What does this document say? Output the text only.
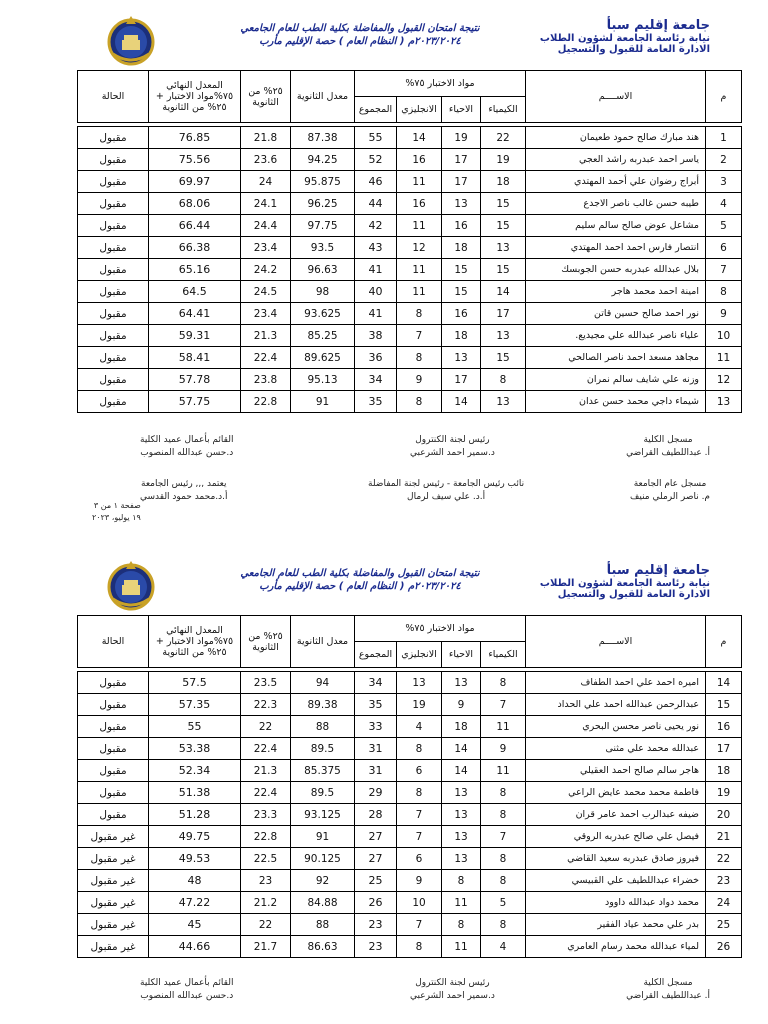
جامعة إقليم سبأ
نيابة رئاسة الجامعة لشؤون الطلاب
الادارة العامة للقبول والتسجيل
نتيجة امتحان القبول والمفاضلة بكلية الطب للعام الجامعي
٢٠٢٣/٢٠٢٤م ( النظام العام ) حصة الإقليم مأرب
م	الاســــم	مواد الاختبار ٧٥%				معدل الثانوية	٢٥% من الثانوية	المعدل النهائي ٧٥%مواد الاختبار + ٢٥% من الثانوية	الحالة
		الكيمياء	الاحياء	الانجليزي	المجموع				

1	هند مبارك صالح حمود طعيمان	22	19	14	55	87.38	21.8	76.85	مقبول
2	ياسر احمد عبدربه راشد العجي	19	17	16	52	94.25	23.6	75.56	مقبول
3	أبراج رضوان علي أحمد المهتدي	18	17	11	46	95.875	24	69.97	مقبول
4	طيبه حسن غالب ناصر الاجدع	15	13	16	44	96.25	24.1	68.06	مقبول
5	مشاعل عوض صالح سالم سليم	15	16	11	42	97.75	24.4	66.44	مقبول
6	انتصار فارس احمد احمد المهتدي	13	18	12	43	93.5	23.4	66.38	مقبول
7	بلال عبدالله عبدربه حسن الجوبسك	15	15	11	41	96.63	24.2	65.16	مقبول
8	امينة احمد محمد هاجر	14	15	11	40	98	24.5	64.5	مقبول
9	نور احمد صالح حسين قاتن	17	16	8	41	93.625	23.4	64.41	مقبول
10	علياء ناصر عبدالله علي مجيديع.	13	18	7	38	85.25	21.3	59.31	مقبول
11	مجاهد مسعد احمد ناصر الصالحي	15	13	8	36	89.625	22.4	58.41	مقبول
12	وزنه علي شايف سالم نمران	8	17	9	34	95.13	23.8	57.78	مقبول
13	شيماء داجي محمد حسن عدان	13	14	8	35	91	22.8	57.75	مقبول
مسجل الكلية
أ. عبداللطيف القراضي
رئيس لجنة الكنترول
د.سمير احمد الشرعبي
القائم بأعمال عميد الكلية
د.حسن عبدالله المنصوب
مسجل عام الجامعة
م. ناصر الرملي منيف
نائب رئيس الجامعة - رئيس لجنة المفاضلة
أ.د. علي سيف لرمال
يعتمد ,,, رئيس الجامعة
أ.د.محمد حمود القدسي
صفحة ١ من ٣
١٩ يوليو، ٢٠٢٣
جامعة إقليم سبأ
نيابة رئاسة الجامعة لشؤون الطلاب
الادارة العامة للقبول والتسجيل
نتيجة امتحان القبول والمفاضلة بكلية الطب للعام الجامعي
٢٠٢٣/٢٠٢٤م ( النظام العام ) حصة الإقليم مأرب
م	الاســــم	مواد الاختبار ٧٥%				معدل الثانوية	٢٥% من الثانوية	المعدل النهائي ٧٥%مواد الاختبار + ٢٥% من الثانوية	الحالة
		الكيمياء	الاحياء	الانجليزي	المجموع				

14	اميره احمد علي احمد الطفاف	8	13	13	34	94	23.5	57.5	مقبول
15	عبدالرحمن عبدالله احمد علي الحداد	7	9	19	35	89.38	22.3	57.35	مقبول
16	نور يحيى ناصر محسن البحري	11	18	4	33	88	22	55	مقبول
17	عبدالله محمد علي مثنى	9	14	8	31	89.5	22.4	53.38	مقبول
18	هاجر سالم صالح احمد العقيلي	11	14	6	31	85.375	21.3	52.34	مقبول
19	فاطمة محمد محمد عايض الراعي	8	13	8	29	89.5	22.4	51.38	مقبول
20	ضيفه عبدالرب احمد عامر قران	8	13	7	28	93.125	23.3	51.28	مقبول
21	فيصل علي صالح عبدربه الروقي	7	13	7	27	91	22.8	49.75	غير مقبول
22	فيروز صادق عبدربه سعيد القاضي	8	13	6	27	90.125	22.5	49.53	غير مقبول
23	خضراء عبداللطيف علي القبيسي	8	8	9	25	92	23	48	غير مقبول
24	محمد دواد عبدالله داوود	5	11	10	26	84.88	21.2	47.22	غير مقبول
25	بدر علي محمد عياد الفقير	8	8	7	23	88	22	45	غير مقبول
26	لمياء عبدالله محمد رسام العامري	4	11	8	23	86.63	21.7	44.66	غير مقبول
مسجل الكلية
أ. عبداللطيف القراضي
رئيس لجنة الكنترول
د.سمير احمد الشرعبي
القائم بأعمال عميد الكلية
د.حسن عبدالله المنصوب
